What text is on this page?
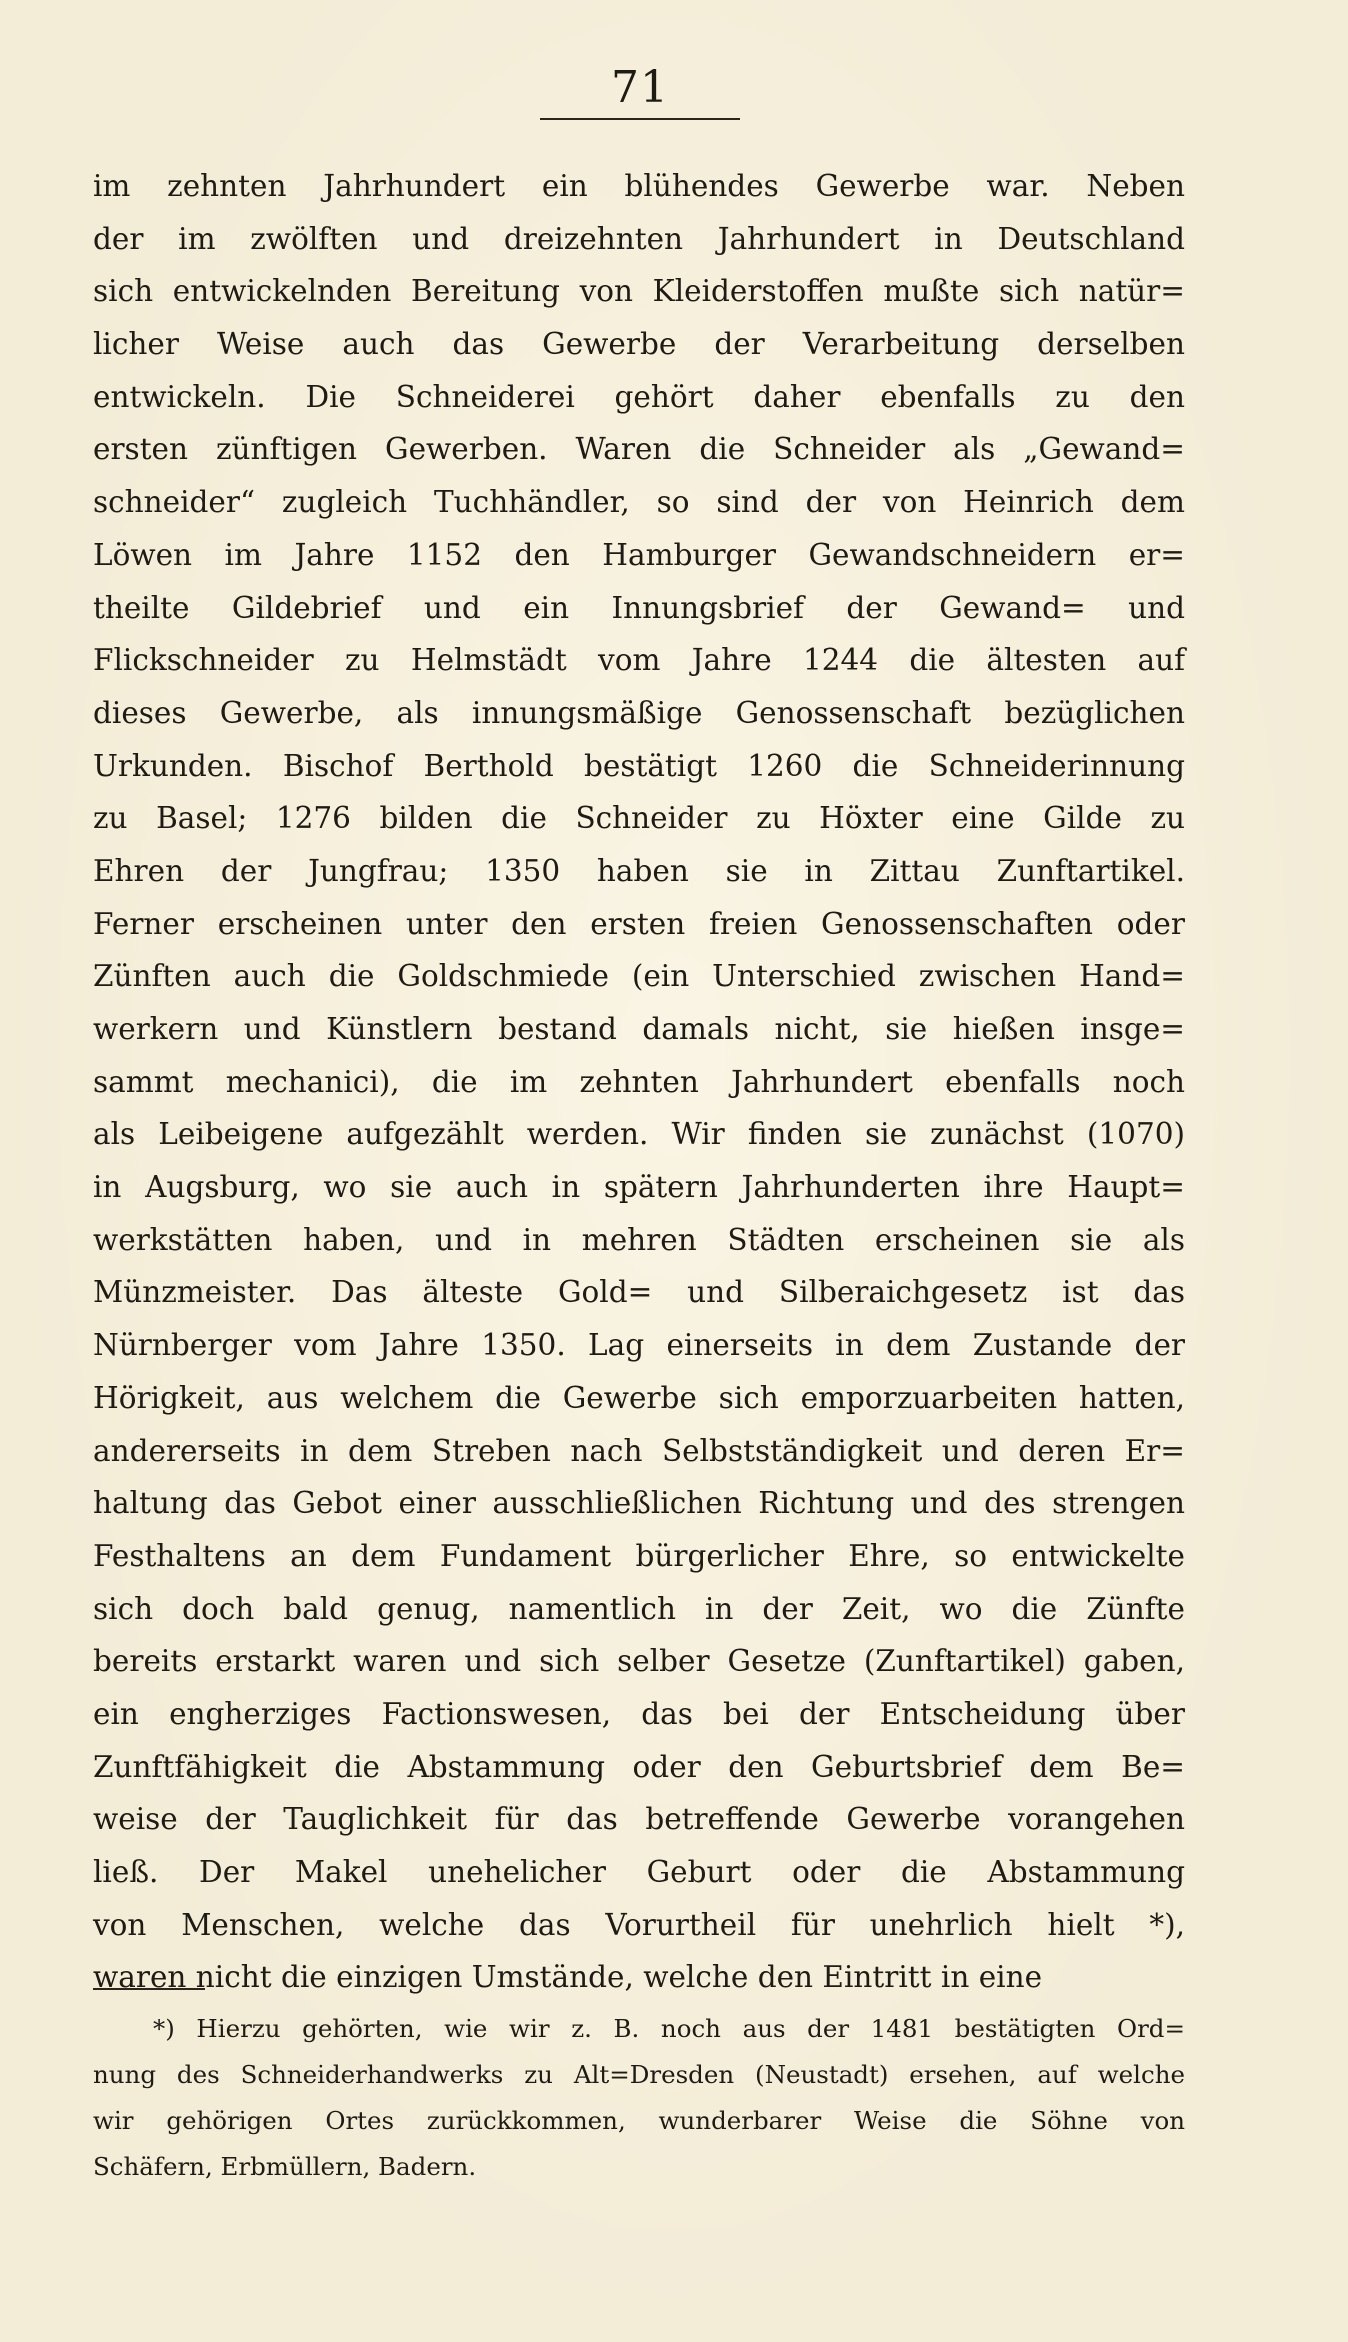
71
im zehnten Jahrhundert ein blühendes Gewerbe war. Neben
der im zwölften und dreizehnten Jahrhundert in Deutschland
sich entwickelnden Bereitung von Kleiderstoffen mußte sich natür=
licher Weise auch das Gewerbe der Verarbeitung derselben
entwickeln. Die Schneiderei gehört daher ebenfalls zu den
ersten zünftigen Gewerben. Waren die Schneider als „Gewand=
schneider“ zugleich Tuchhändler, so sind der von Heinrich dem
Löwen im Jahre 1152 den Hamburger Gewandschneidern er=
theilte Gildebrief und ein Innungsbrief der Gewand= und
Flickschneider zu Helmstädt vom Jahre 1244 die ältesten auf
dieses Gewerbe, als innungsmäßige Genossenschaft bezüglichen
Urkunden. Bischof Berthold bestätigt 1260 die Schneiderinnung
zu Basel; 1276 bilden die Schneider zu Höxter eine Gilde zu
Ehren der Jungfrau; 1350 haben sie in Zittau Zunftartikel.
Ferner erscheinen unter den ersten freien Genossenschaften oder
Zünften auch die Goldschmiede (ein Unterschied zwischen Hand=
werkern und Künstlern bestand damals nicht, sie hießen insge=
sammt mechanici), die im zehnten Jahrhundert ebenfalls noch
als Leibeigene aufgezählt werden. Wir finden sie zunächst (1070)
in Augsburg, wo sie auch in spätern Jahrhunderten ihre Haupt=
werkstätten haben, und in mehren Städten erscheinen sie als
Münzmeister. Das älteste Gold= und Silberaichgesetz ist das
Nürnberger vom Jahre 1350. Lag einerseits in dem Zustande der
Hörigkeit, aus welchem die Gewerbe sich emporzuarbeiten hatten,
andererseits in dem Streben nach Selbstständigkeit und deren Er=
haltung das Gebot einer ausschließlichen Richtung und des strengen
Festhaltens an dem Fundament bürgerlicher Ehre, so entwickelte
sich doch bald genug, namentlich in der Zeit, wo die Zünfte
bereits erstarkt waren und sich selber Gesetze (Zunftartikel) gaben,
ein engherziges Factionswesen, das bei der Entscheidung über
Zunftfähigkeit die Abstammung oder den Geburtsbrief dem Be=
weise der Tauglichkeit für das betreffende Gewerbe vorangehen
ließ. Der Makel unehelicher Geburt oder die Abstammung
von Menschen, welche das Vorurtheil für unehrlich hielt *),
waren nicht die einzigen Umstände, welche den Eintritt in eine
*) Hierzu gehörten, wie wir z. B. noch aus der 1481 bestätigten Ord=
nung des Schneiderhandwerks zu Alt=Dresden (Neustadt) ersehen, auf welche
wir gehörigen Ortes zurückkommen, wunderbarer Weise die Söhne von
Schäfern, Erbmüllern, Badern.
